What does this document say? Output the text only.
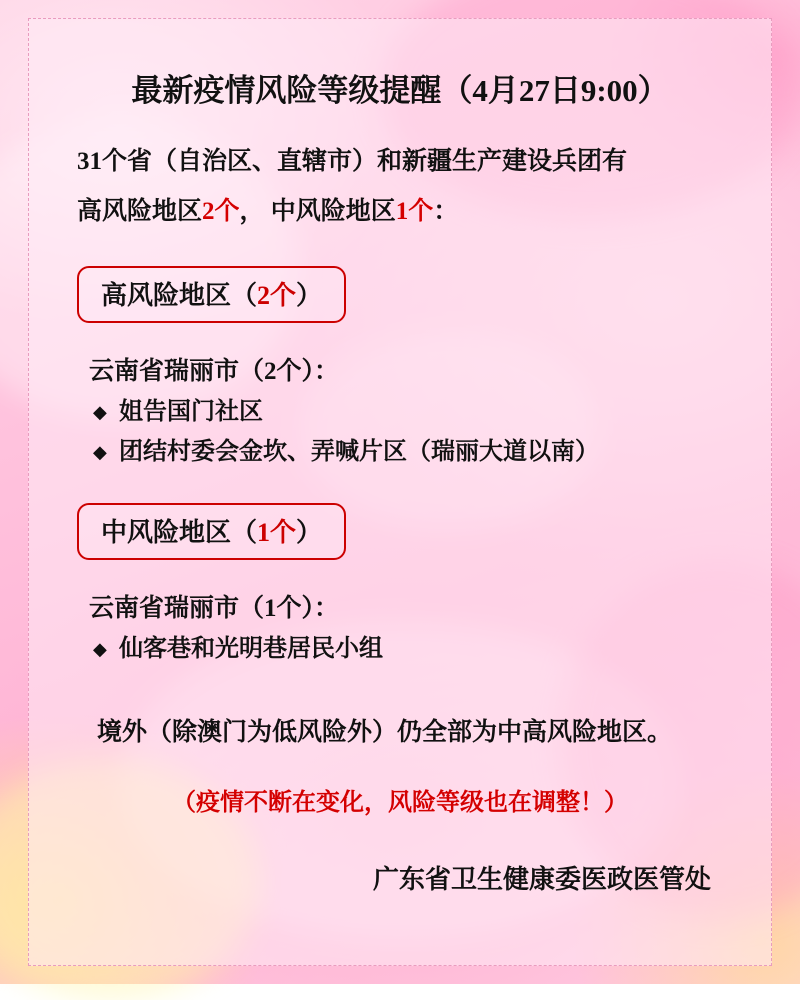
最新疫情风险等级提醒（4月27日9:00）
31个省（自治区、直辖市）和新疆生产建设兵团有
高风险地区2个， 中风险地区1个：
高风险地区（2个）
云南省瑞丽市（2个）：
◆ 姐告国门社区
◆ 团结村委会金坎、弄喊片区（瑞丽大道以南）
中风险地区（1个）
云南省瑞丽市（1个）：
◆ 仙客巷和光明巷居民小组
境外（除澳门为低风险外）仍全部为中高风险地区。
（疫情不断在变化，风险等级也在调整！）
广东省卫生健康委医政医管处
